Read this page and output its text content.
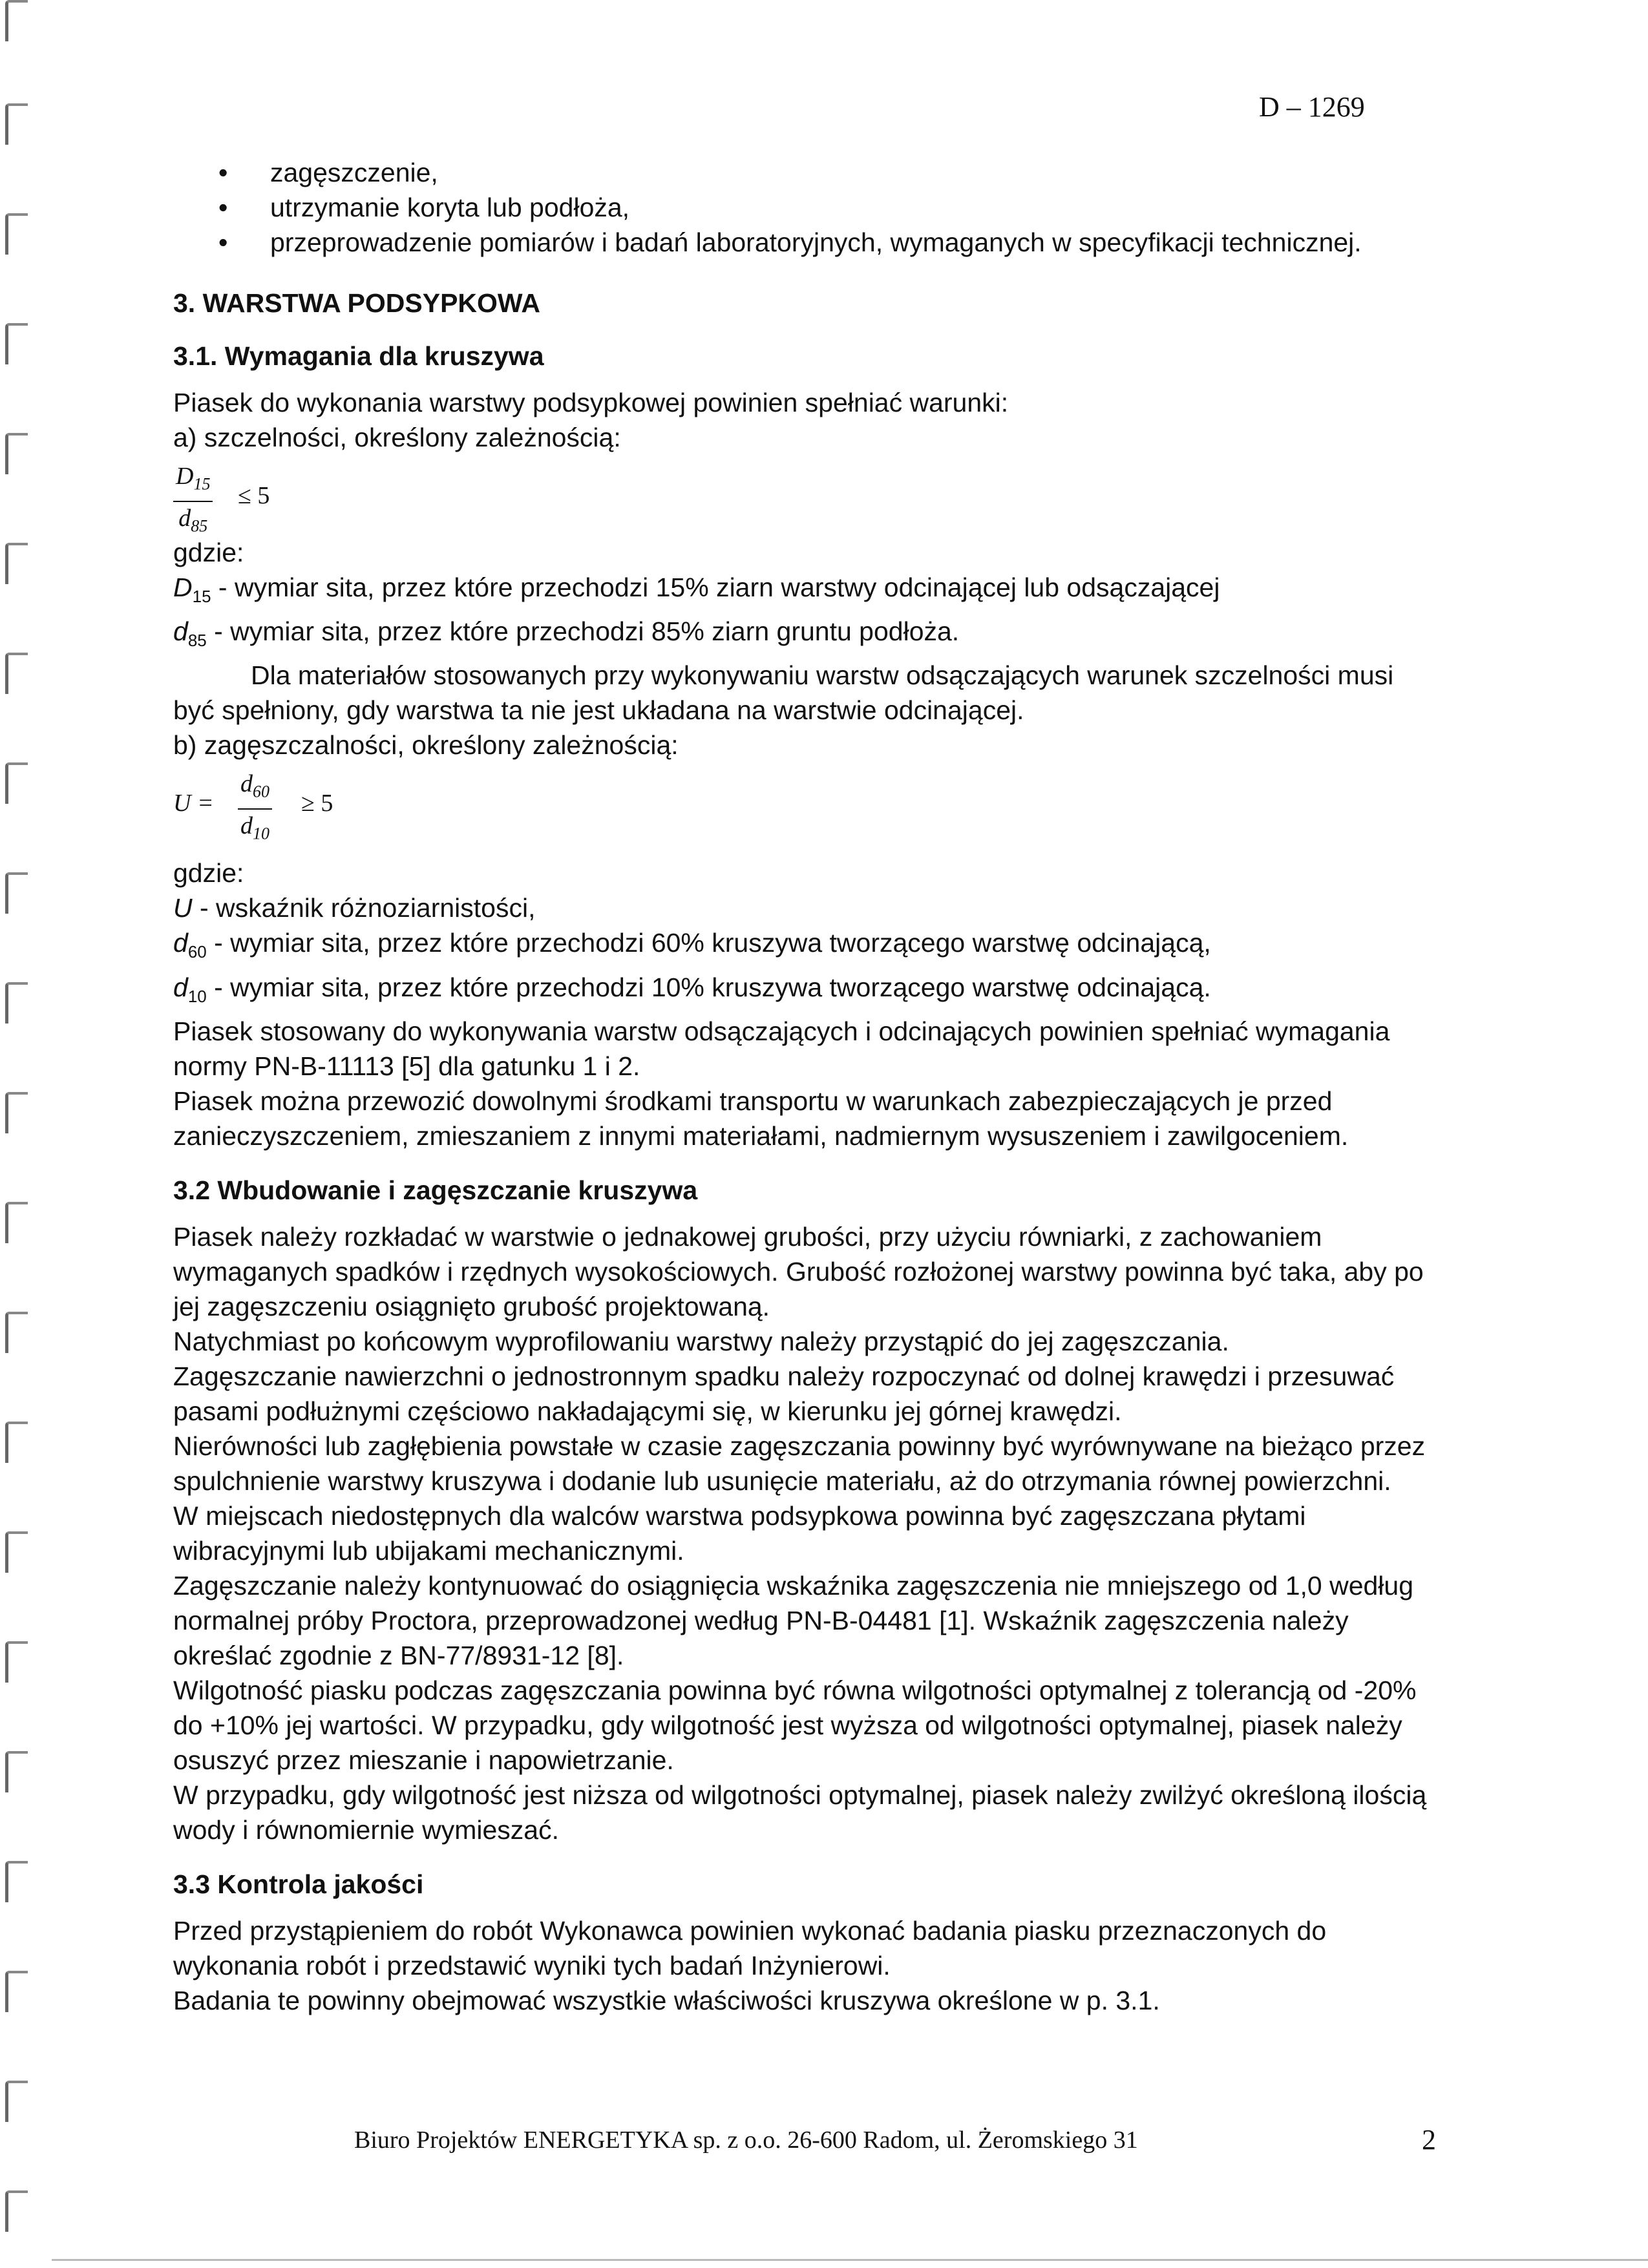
D – 1269
• zagęszczenie,
• utrzymanie koryta lub podłoża,
• przeprowadzenie pomiarów i badań laboratoryjnych, wymaganych w specyfikacji technicznej.
3. WARSTWA PODSYPKOWA
3.1. Wymagania dla kruszywa

Piasek do wykonania warstwy podsypkowej powinien spełniać warunki:

a) szczelności, określony zależnością:

$\frac{D_{15}}{d_{85}} \le 5$

gdzie:

$D_{15}$ - wymiar sita, przez które przechodzi 15% ziarn warstwy odcinającej lub odsączającej

$d_{85}$ - wymiar sita, przez które przechodzi 85% ziarn gruntu podłoża.

Dla materiałów stosowanych przy wykonywaniu warstw odsączających warunek szczelności musi być spełniony, gdy warstwa ta nie jest układana na warstwie odcinającej.

b) zagęszczalności, określony zależnością:

$U = \frac{d_{60}}{d_{10}} \ge 5$

gdzie:

U - wskaźnik różnoziarnistości,

$d_{60}$ - wymiar sita, przez które przechodzi 60% kruszywa tworzącego warstwę odcinającą,

$d_{10}$ - wymiar sita, przez które przechodzi 10% kruszywa tworzącego warstwę odcinającą.

Piasek stosowany do wykonywania warstw odsączających i odcinających powinien spełniać wymagania normy PN-B-11113 [5] dla gatunku 1 i 2.

Piasek można przewozić dowolnymi środkami transportu w warunkach zabezpieczających je przed zanieczyszczeniem, zmieszaniem z innymi materiałami, nadmiernym wysuszeniem i zawilgoceniem.

3.2 Wbudowanie i zagęszczanie kruszywa

Piasek należy rozkładać w warstwie o jednakowej grubości, przy użyciu równiarki, z zachowaniem wymaganych spadków i rzędnych wysokościowych. Grubość rozłożonej warstwy powinna być taka, aby po jej zagęszczeniu osiągnięto grubość projektowaną.

Natychmiast po końcowym wyprofilowaniu warstwy należy przystąpić do jej zagęszczania.

Zagęszczanie nawierzchni o jednostronnym spadku należy rozpoczynać od dolnej krawędzi i przesuwać pasami podłużnymi częściowo nakładającymi się, w kierunku jej górnej krawędzi.

Nierówności lub zagłębienia powstałe w czasie zagęszczania powinny być wyrównywane na bieżąco przez spulchnienie warstwy kruszywa i dodanie lub usunięcie materiału, aż do otrzymania równej powierzchni.

W miejscach niedostępnych dla walców warstwa podsypkowa powinna być zagęszczana płytami wibracyjnymi lub ubijakami mechanicznymi.

Zagęszczanie należy kontynuować do osiągnięcia wskaźnika zagęszczenia nie mniejszego od 1,0 według normalnej próby Proctora, przeprowadzonej według PN-B-04481 [1]. Wskaźnik zagęszczenia należy określać zgodnie z BN-77/8931-12 [8].

Wilgotność piasku podczas zagęszczania powinna być równa wilgotności optymalnej z tolerancją od -20% do +10% jej wartości. W przypadku, gdy wilgotność jest wyższa od wilgotności optymalnej, piasek należy osuszyć przez mieszanie i napowietrzanie.

W przypadku, gdy wilgotność jest niższa od wilgotności optymalnej, piasek należy zwilżyć określoną ilością wody i równomiernie wymieszać.

3.3 Kontrola jakości

Przed przystąpieniem do robót Wykonawca powinien wykonać badania piasku przeznaczonych do wykonania robót i przedstawić wyniki tych badań Inżynierowi.

Badania te powinny obejmować wszystkie właściwości kruszywa określone w p. 3.1.

Biuro Projektów ENERGETYKA sp. z o.o. 26-600 Radom, ul. Żeromskiego 31	2
